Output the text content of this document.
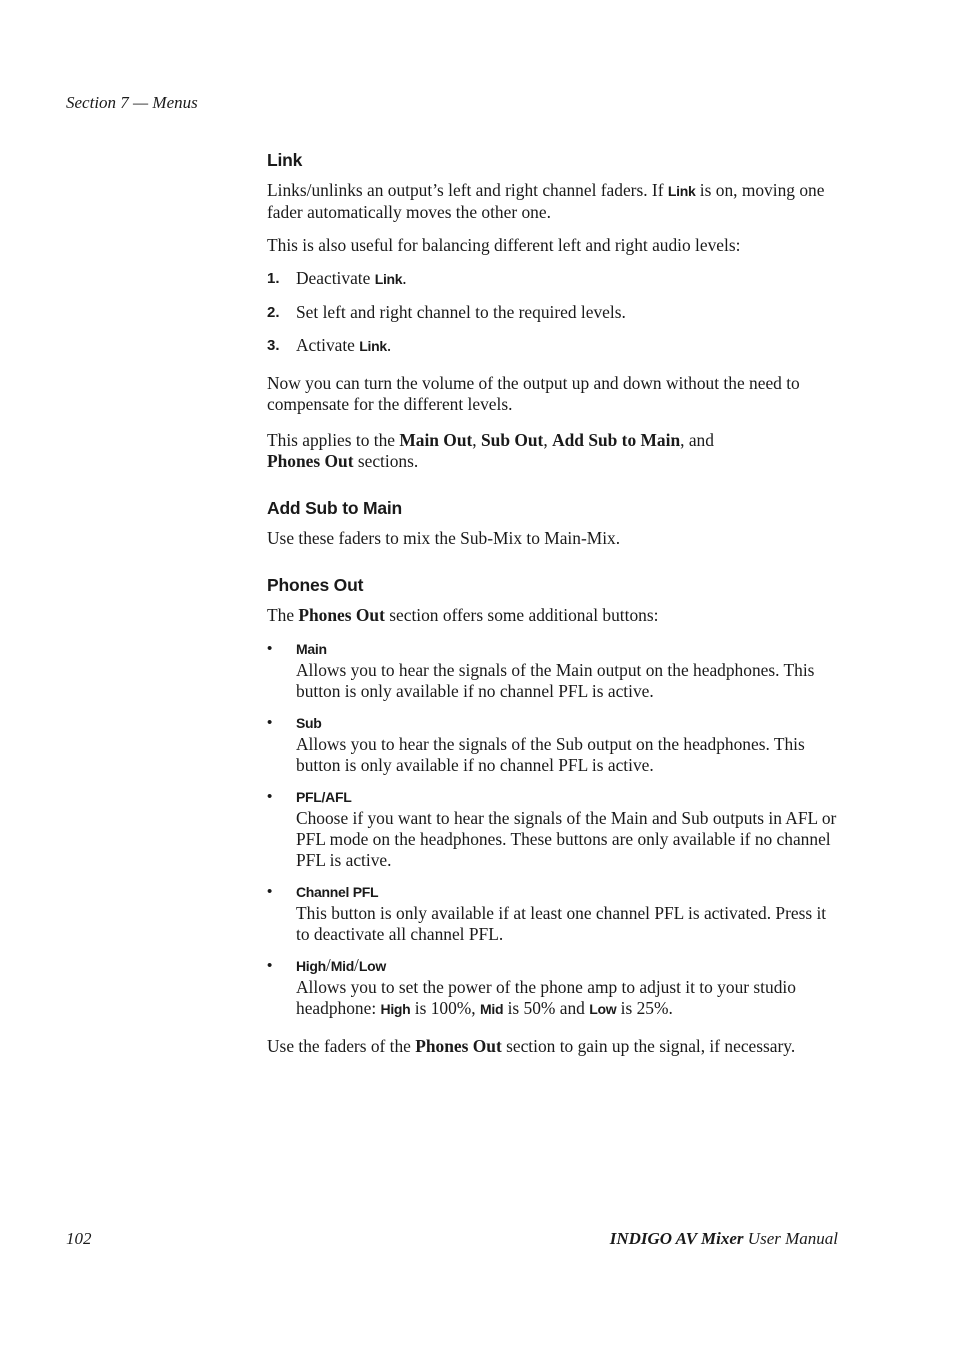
Section 7 — Menus
Link

Links/unlinks an output’s left and right channel faders. If Link is on, moving one fader automatically moves the other one.

This is also useful for balancing different left and right audio levels:

1. Deactivate Link.
2. Set left and right channel to the required levels.
3. Activate Link.

Now you can turn the volume of the output up and down without the need to compensate for the different levels.

This applies to the Main Out, Sub Out, Add Sub to Main, and
Phones Out sections.

Add Sub to Main

Use these faders to mix the Sub-Mix to Main-Mix.

Phones Out

The Phones Out section offers some additional buttons:

• Main
Allows you to hear the signals of the Main output on the headphones. This button is only available if no channel PFL is active.
• Sub
Allows you to hear the signals of the Sub output on the headphones. This button is only available if no channel PFL is active.
• PFL/AFL
Choose if you want to hear the signals of the Main and Sub outputs in AFL or PFL mode on the headphones. These buttons are only available if no channel PFL is active.
• Channel PFL
This button is only available if at least one channel PFL is activated. Press it to deactivate all channel PFL.
• High/Mid/Low
Allows you to set the power of the phone amp to adjust it to your studio headphone: High is 100%, Mid is 50% and Low is 25%.

Use the faders of the Phones Out section to gain up the signal, if necessary.

102	INDIGO AV Mixer User Manual
